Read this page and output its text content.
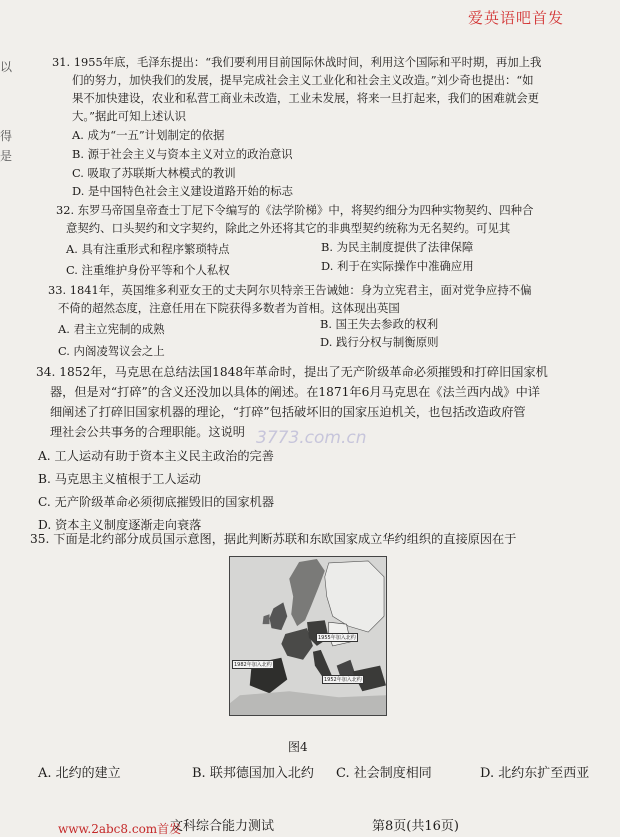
爱英语吧首发
以
得
是
31. 1955年底，毛泽东提出：“我们要利用目前国际休战时间，利用这个国际和平时期，再加上我
们的努力，加快我们的发展，提早完成社会主义工业化和社会主义改造。”刘少奇也提出：“如
果不加快建设，农业和私营工商业未改造，工业未发展，将来一旦打起来，我们的困难就会更
大。”据此可知上述认识
A. 成为“一五”计划制定的依据
B. 源于社会主义与资本主义对立的政治意识
C. 吸取了苏联斯大林模式的教训
D. 是中国特色社会主义建设道路开始的标志
32. 东罗马帝国皇帝查士丁尼下令编写的《法学阶梯》中，将契约细分为四种实物契约、四种合
意契约、口头契约和文字契约，除此之外还将其它的非典型契约统称为无名契约。可见其
A. 具有注重形式和程序繁琐特点	B. 为民主制度提供了法律保障
C. 注重维护身份平等和个人私权	D. 利于在实际操作中准确应用
33. 1841年，英国维多利亚女王的丈夫阿尔贝特亲王告诫她：身为立宪君主，面对党争应持不偏
不倚的超然态度，注意任用在下院获得多数者为首相。这体现出英国
A. 君主立宪制的成熟	B. 国王失去参政的权利
C. 内阁凌驾议会之上
D. 践行分权与制衡原则
34. 1852年，马克思在总结法国1848年革命时，提出了无产阶级革命必须摧毁和打碎旧国家机
器，但是对“打碎”的含义还没加以具体的阐述。在1871年6月马克思在《法兰西内战》中详
细阐述了打碎旧国家机器的理论，“打碎”包括破坏旧的国家压迫机关，也包括改造政府管
理社会公共事务的合理职能。这说明
A. 工人运动有助于资本主义民主政治的完善
B. 马克思主义植根于工人运动
C. 无产阶级革命必须彻底摧毁旧的国家机器
D. 资本主义制度逐渐走向衰落
3773.com.cn
35. 下面是北约部分成员国示意图，据此判断苏联和东欧国家成立华约组织的直接原因在于
1955年加入北约
1982年加入北约
1952年加入北约
图4
A. 北约的建立	B. 联邦德国加入北约 C. 社会制度相同	D. 北约东扩至西亚
文科综合能力测试	第8页(共16页)
www.2abc8.com首发
